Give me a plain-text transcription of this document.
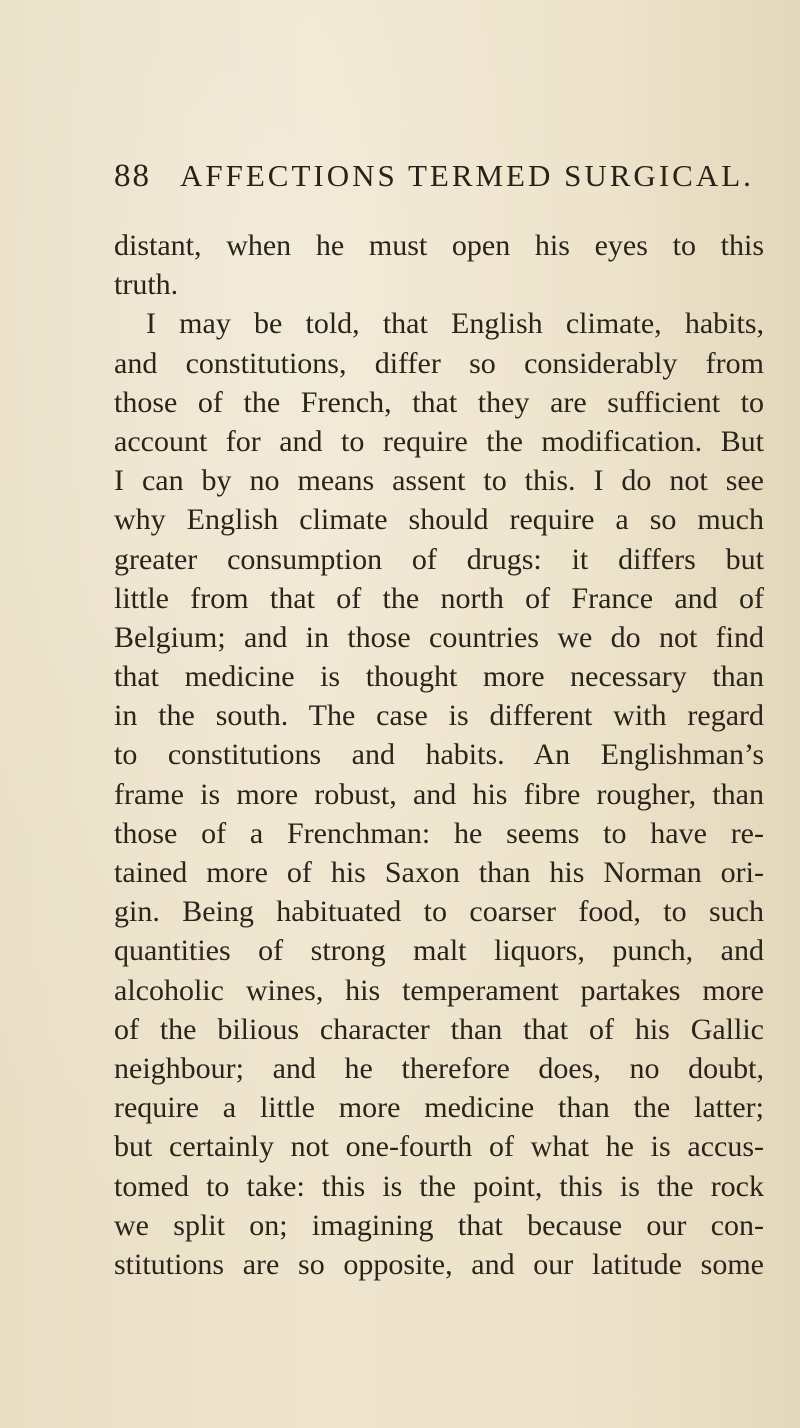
88 AFFECTIONS TERMED SURGICAL.
distant, when he must open his eyes to this
truth.
I may be told, that English climate, habits,
and constitutions, differ so considerably from
those of the French, that they are sufficient to
account for and to require the modification. But
I can by no means assent to this. I do not see
why English climate should require a so much
greater consumption of drugs: it differs but
little from that of the north of France and of
Belgium; and in those countries we do not find
that medicine is thought more necessary than
in the south. The case is different with regard
to constitutions and habits. An Englishman’s
frame is more robust, and his fibre rougher, than
those of a Frenchman: he seems to have re-
tained more of his Saxon than his Norman ori-
gin. Being habituated to coarser food, to such
quantities of strong malt liquors, punch, and
alcoholic wines, his temperament partakes more
of the bilious character than that of his Gallic
neighbour; and he therefore does, no doubt,
require a little more medicine than the latter;
but certainly not one-fourth of what he is accus-
tomed to take: this is the point, this is the rock
we split on; imagining that because our con-
stitutions are so opposite, and our latitude some
